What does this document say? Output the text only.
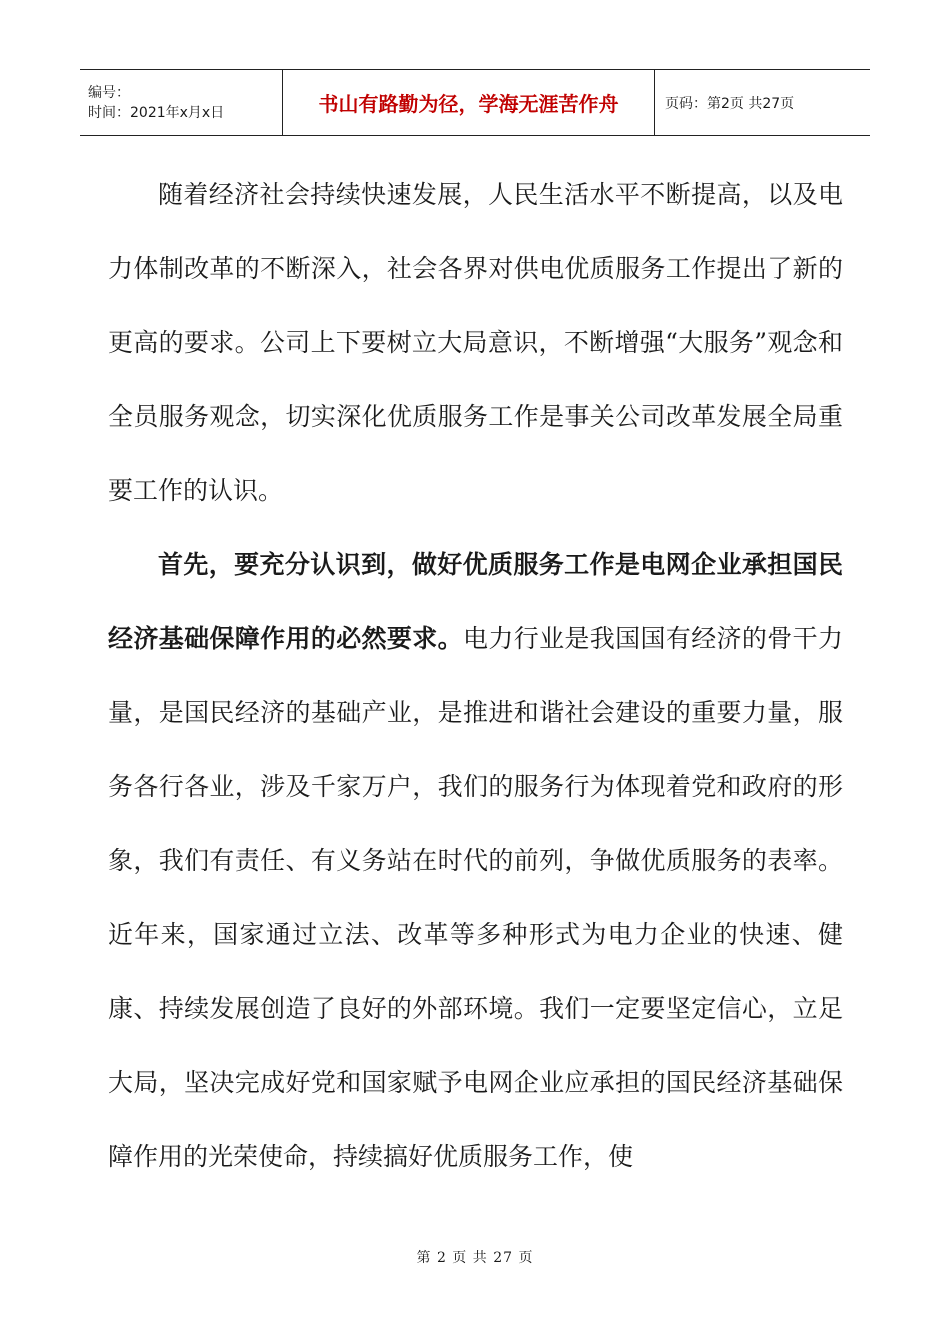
编号：
时间：2021年x月x日	书山有路勤为径，学海无涯苦作舟	页码：第2页 共27页

随着经济社会持续快速发展，人民生活水平不断提高，以及电力体制改革的不断深入，社会各界对供电优质服务工作提出了新的更高的要求。公司上下要树立大局意识，不断增强“大服务”观念和全员服务观念，切实深化优质服务工作是事关公司改革发展全局重要工作的认识。

首先，要充分认识到，做好优质服务工作是电网企业承担国民经济基础保障作用的必然要求。电力行业是我国国有经济的骨干力量，是国民经济的基础产业，是推进和谐社会建设的重要力量，服务各行各业，涉及千家万户，我们的服务行为体现着党和政府的形象，我们有责任、有义务站在时代的前列，争做优质服务的表率。近年来，国家通过立法、改革等多种形式为电力企业的快速、健康、持续发展创造了良好的外部环境。我们一定要坚定信心，立足大局，坚决完成好党和国家赋予电网企业应承担的国民经济基础保障作用的光荣使命，持续搞好优质服务工作，使

第 2 页 共 27 页
